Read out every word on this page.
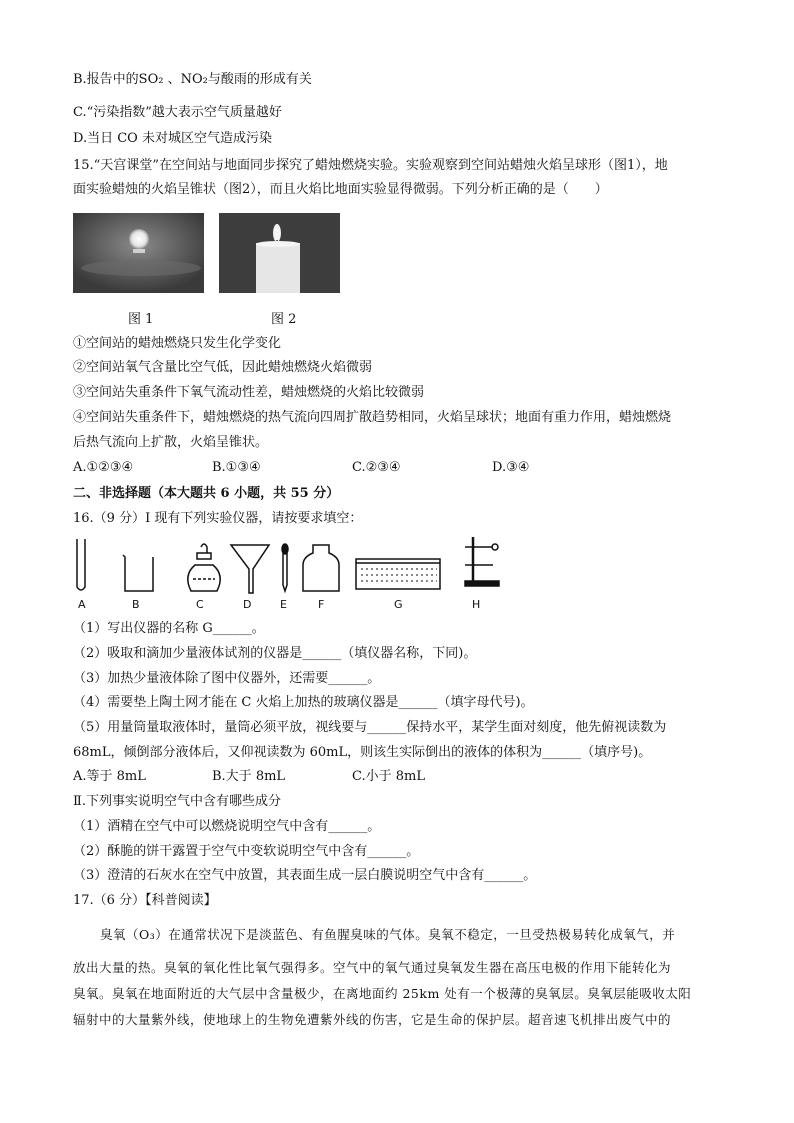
B.报告中的SO₂ 、NO₂与酸雨的形成有关
C.“污染指数”越大表示空气质量越好
D.当日 CO 未对城区空气造成污染
15.“天宫课堂”在空间站与地面同步探究了蜡烛燃烧实验。实验观察到空间站蜡烛火焰呈球形（图1），地
面实验蜡烛的火焰呈锥状（图2），而且火焰比地面实验显得微弱。下列分析正确的是（　　）
图 1	图 2
①空间站的蜡烛燃烧只发生化学变化
②空间站氧气含量比空气低，因此蜡烛燃烧火焰微弱
③空间站失重条件下氧气流动性差，蜡烛燃烧的火焰比较微弱
④空间站失重条件下，蜡烛燃烧的热气流向四周扩散趋势相同，火焰呈球状；地面有重力作用，蜡烛燃烧
后热气流向上扩散，火焰呈锥状。
A.①②③④	B.①③④	C.②③④	D.③④
二、非选择题（本大题共 6 小题，共 55 分）
16.（9 分）Ⅰ 现有下列实验仪器，请按要求填空：
A	B	C	D	E	F	G	H
（1）写出仪器的名称 G______。
（2）吸取和滴加少量液体试剂的仪器是______（填仪器名称，下同)。
（3）加热少量液体除了图中仪器外，还需要______。
（4）需要垫上陶土网才能在 C 火焰上加热的玻璃仪器是______（填字母代号)。
（5）用量筒量取液体时，量筒必须平放，视线要与______保持水平，某学生面对刻度，他先俯视读数为
68mL，倾倒部分液体后，又仰视读数为 60mL，则该生实际倒出的液体的体积为______（填序号)。
A.等于 8mL	B.大于 8mL	C.小于 8mL
Ⅱ.下列事实说明空气中含有哪些成分
（1）酒精在空气中可以燃烧说明空气中含有______。
（2）酥脆的饼干露置于空气中变软说明空气中含有______。
（3）澄清的石灰水在空气中放置，其表面生成一层白膜说明空气中含有______。
17.（6 分）【科普阅读】
臭氧（O₃）在通常状况下是淡蓝色、有鱼腥臭味的气体。臭氧不稳定，一旦受热极易转化成氧气，并
放出大量的热。臭氧的氧化性比氧气强得多。空气中的氧气通过臭氧发生器在高压电极的作用下能转化为
臭氧。臭氧在地面附近的大气层中含量极少，在离地面约 25km 处有一个极薄的臭氧层。臭氧层能吸收太阳
辐射中的大量紫外线，使地球上的生物免遭紫外线的伤害，它是生命的保护层。超音速飞机排出废气中的
